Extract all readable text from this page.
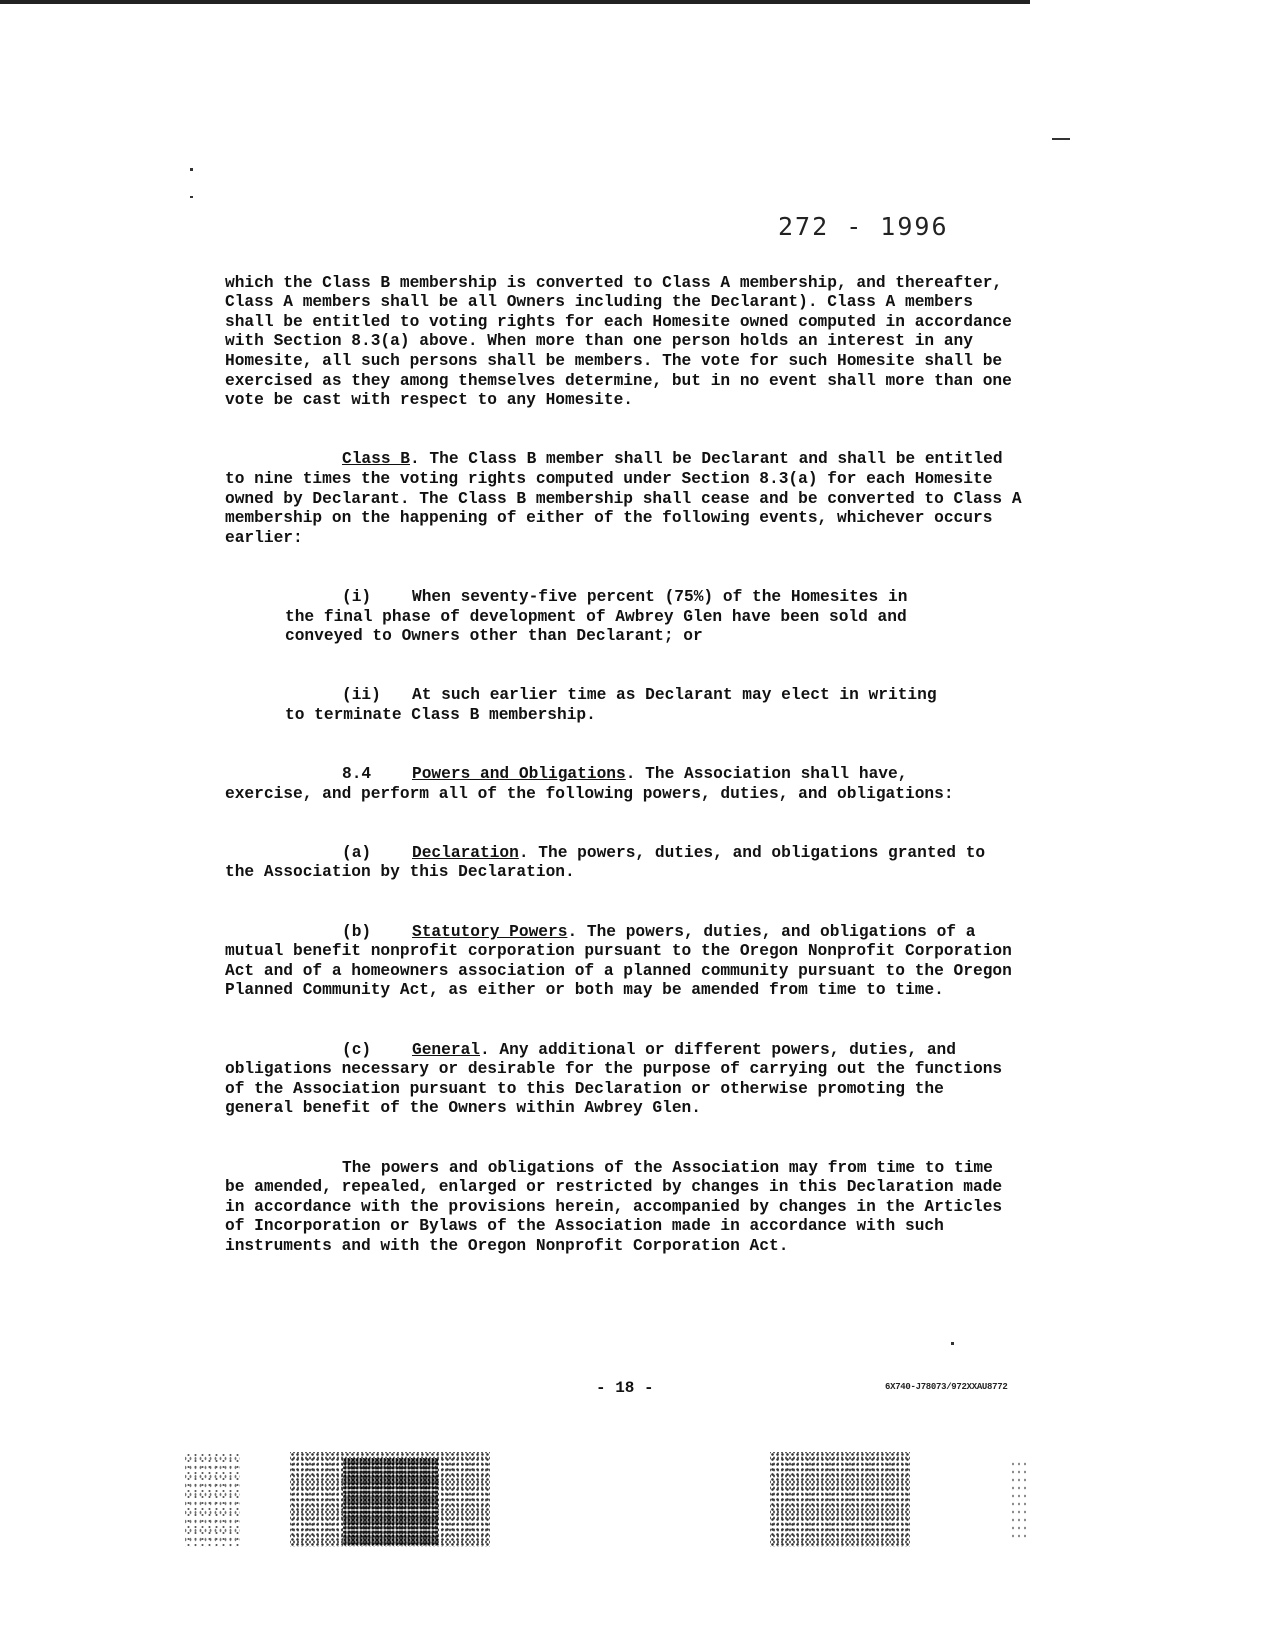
272 - 1996

which the Class B membership is converted to Class A membership, and thereafter, Class A members shall be all Owners including the Declarant). Class A members shall be entitled to voting rights for each Homesite owned computed in accordance with Section 8.3(a) above. When more than one person holds an interest in any Homesite, all such persons shall be members. The vote for such Homesite shall be exercised as they among themselves determine, but in no event shall more than one vote be cast with respect to any Homesite.

Class B. The Class B member shall be Declarant and shall be entitled to nine times the voting rights computed under Section 8.3(a) for each Homesite owned by Declarant. The Class B membership shall cease and be converted to Class A membership on the happening of either of the following events, whichever occurs earlier:

(i)	When seventy-five percent (75%) of the Homesites in the final phase of development of Awbrey Glen have been sold and conveyed to Owners other than Declarant; or

(ii) At such earlier time as Declarant may elect in writing to terminate Class B membership.

8.4	Powers and Obligations. The Association shall have, exercise, and perform all of the following powers, duties, and obligations:

(a)	Declaration. The powers, duties, and obligations granted to the Association by this Declaration.

(b)	Statutory Powers. The powers, duties, and obligations of a mutual benefit nonprofit corporation pursuant to the Oregon Nonprofit Corporation Act and of a homeowners association of a planned community pursuant to the Oregon Planned Community Act, as either or both may be amended from time to time.

(c)	General. Any additional or different powers, duties, and obligations necessary or desirable for the purpose of carrying out the functions of the Association pursuant to this Declaration or otherwise promoting the general benefit of the Owners within Awbrey Glen.

The powers and obligations of the Association may from time to time be amended, repealed, enlarged or restricted by changes in this Declaration made in accordance with the provisions herein, accompanied by changes in the Articles of Incorporation or Bylaws of the Association made in accordance with such instruments and with the Oregon Nonprofit Corporation Act.

- 18 -	6X740-J78073/972XXAU8772
